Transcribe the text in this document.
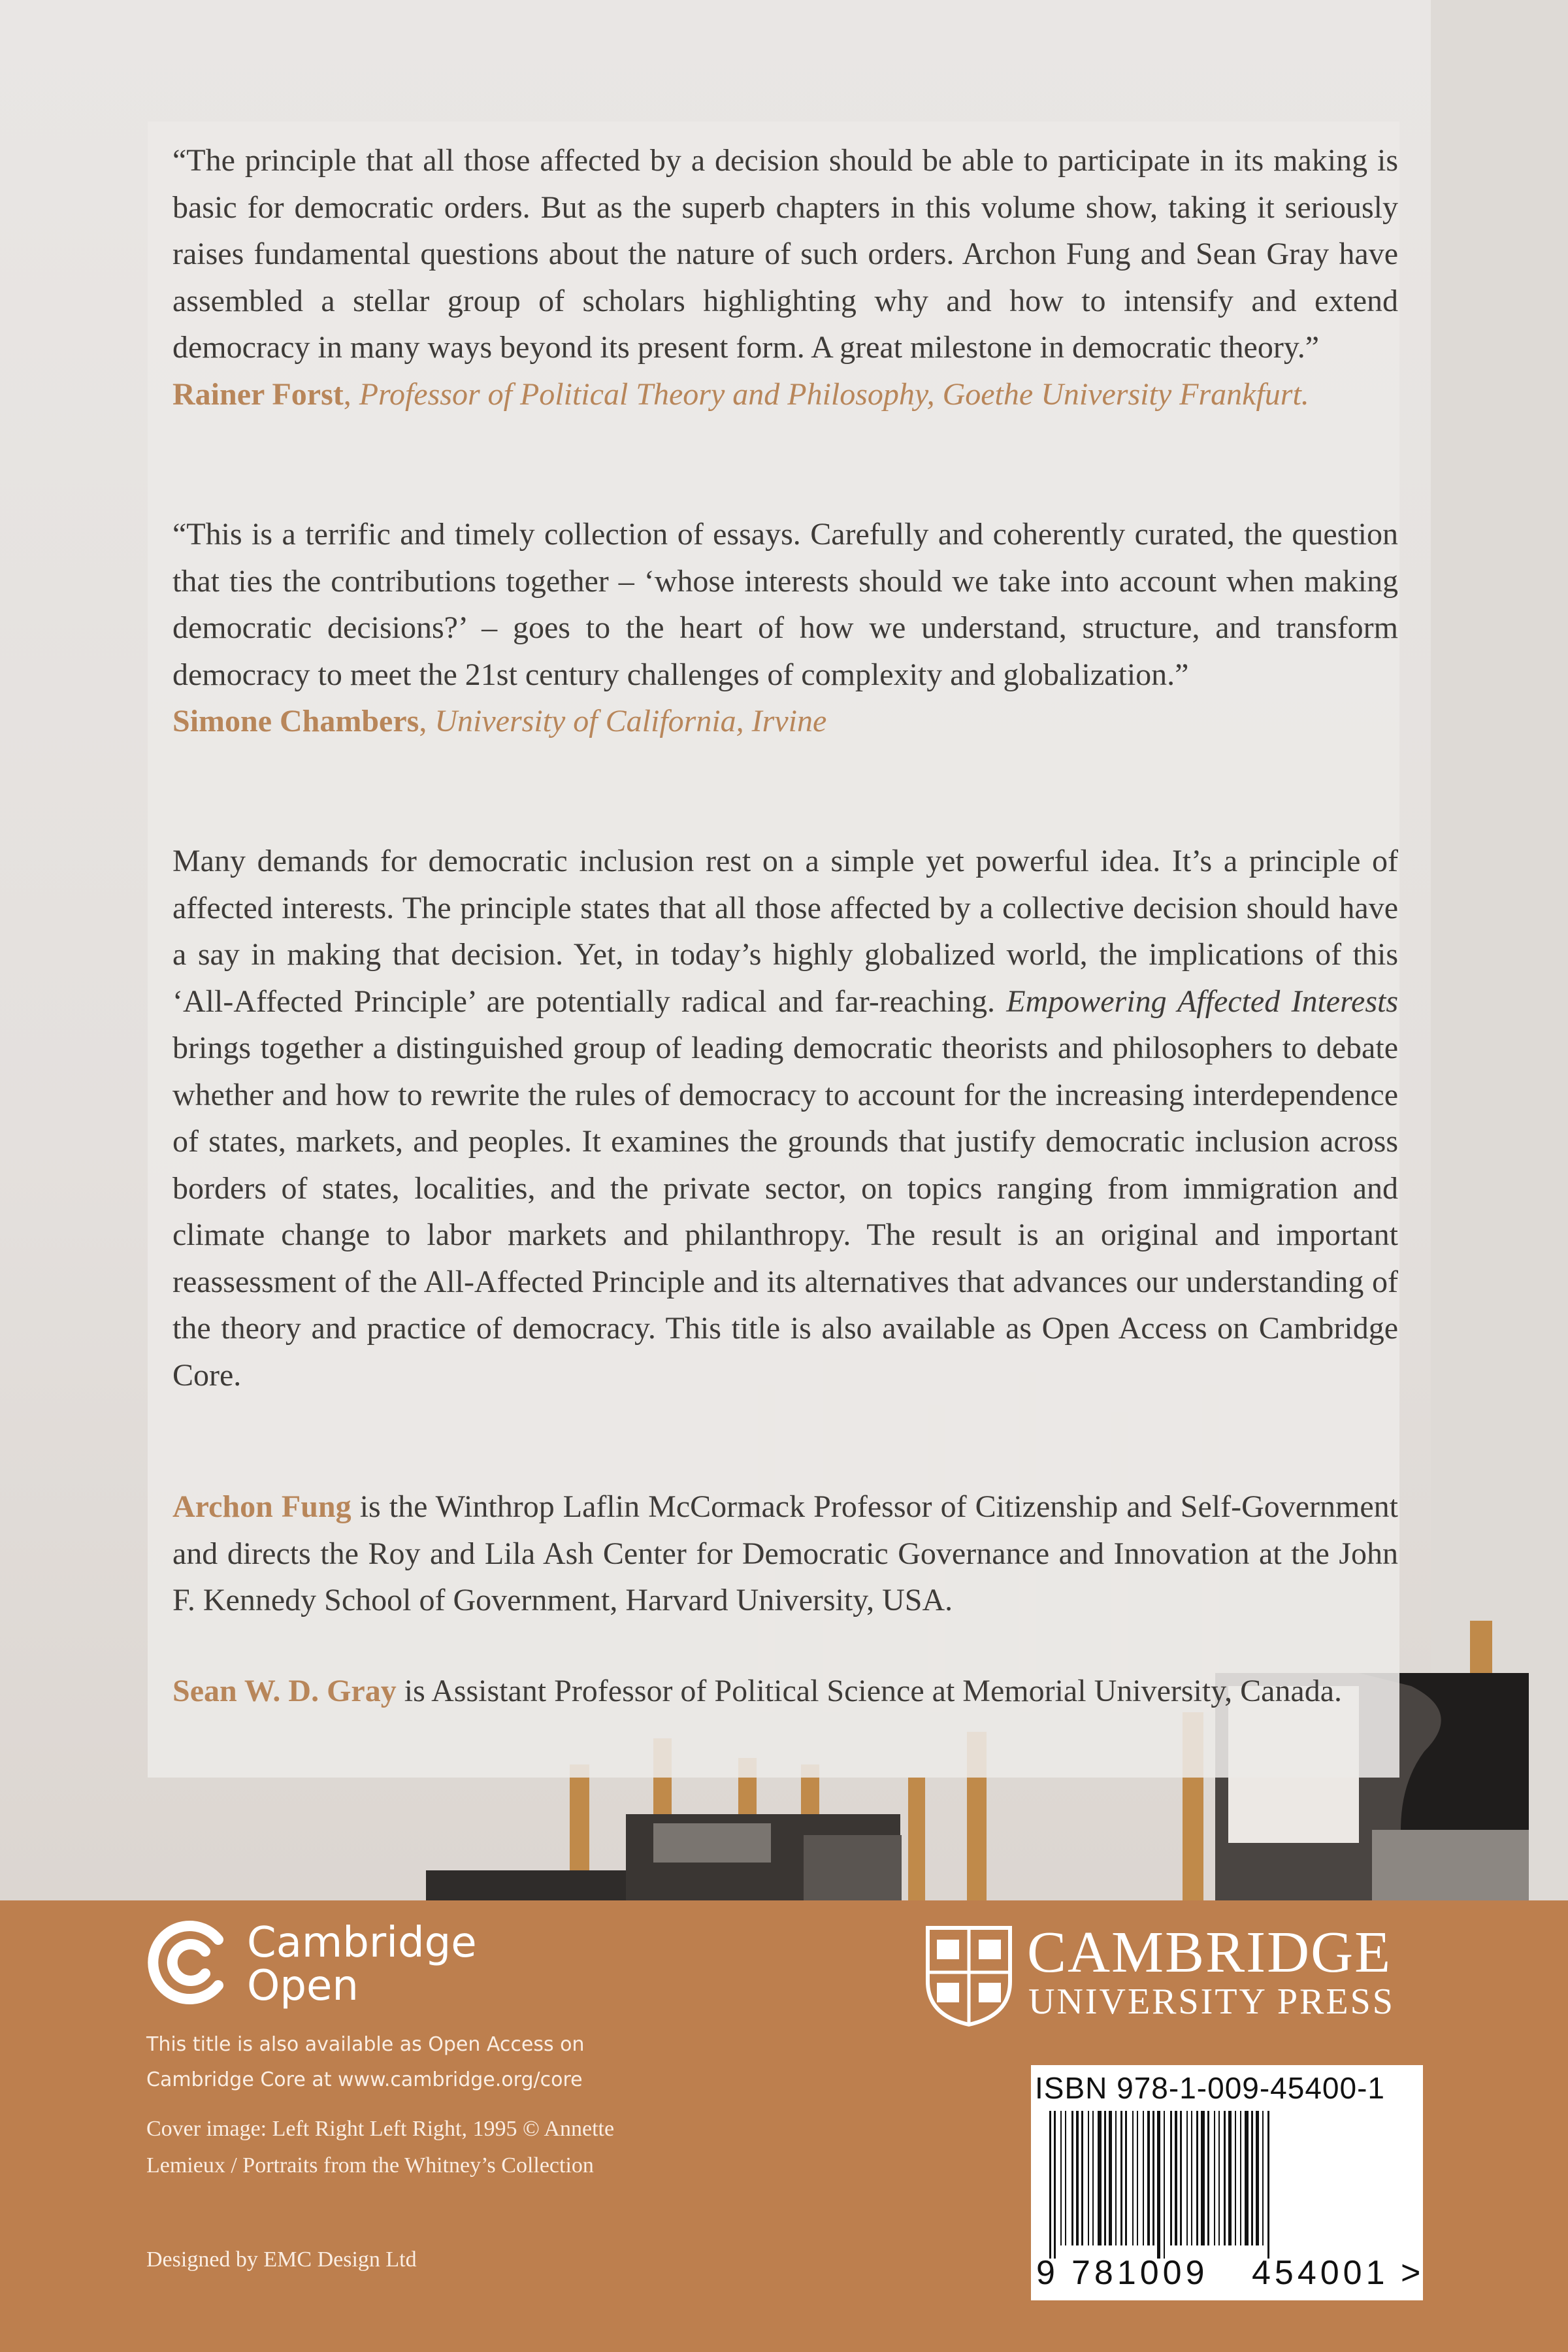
“The principle that all those affected by a decision should be able to participate in its making is basic for democratic orders. But as the superb chapters in this volume show, taking it seriously raises fundamental questions about the nature of such orders. Archon Fung and Sean Gray have assembled a stellar group of scholars highlighting why and how to intensify and extend democracy in many ways beyond its present form. A great milestone in democratic theory.”

Rainer Forst, Professor of Political Theory and Philosophy, Goethe University Frankfurt.

“This is a terrific and timely collection of essays. Carefully and coherently curated, the question that ties the contributions together – ‘whose interests should we take into account when making democratic decisions?’ – goes to the heart of how we understand, structure, and transform democracy to meet the 21st century challenges of complexity and globalization.”

Simone Chambers, University of California, Irvine

Many demands for democratic inclusion rest on a simple yet powerful idea. It’s a principle of affected interests. The principle states that all those affected by a collective decision should have a say in making that decision. Yet, in today’s highly globalized world, the implications of this ‘All-Affected Principle’ are potentially radical and far-reaching. Empowering Affected Interests brings together a distinguished group of leading democratic theorists and philosophers to debate whether and how to rewrite the rules of democracy to account for the increasing interdependence of states, markets, and peoples. It examines the grounds that justify democratic inclusion across borders of states, localities, and the private sector, on topics ranging from immigration and climate change to labor markets and philanthropy. The result is an original and important reassessment of the All-Affected Principle and its alternatives that advances our understanding of the theory and practice of democracy. This title is also available as Open Access on Cambridge Core.

Archon Fung is the Winthrop Laflin McCormack Professor of Citizenship and Self-Government and directs the Roy and Lila Ash Center for Democratic Governance and Innovation at the John F. Kennedy School of Government, Harvard University, USA.

Sean W. D. Gray is Assistant Professor of Political Science at Memorial University, Canada.

Cambridge
Open
This title is also available as Open Access on Cambridge Core at www.cambridge.org/core
Cover image: Left Right Left Right, 1995 © Annette Lemieux / Portraits from the Whitney’s Collection
Designed by EMC Design Ltd
CAMBRIDGE
UNIVERSITY PRESS
ISBN 978-1-009-45400-1
9 781009 454001 >
